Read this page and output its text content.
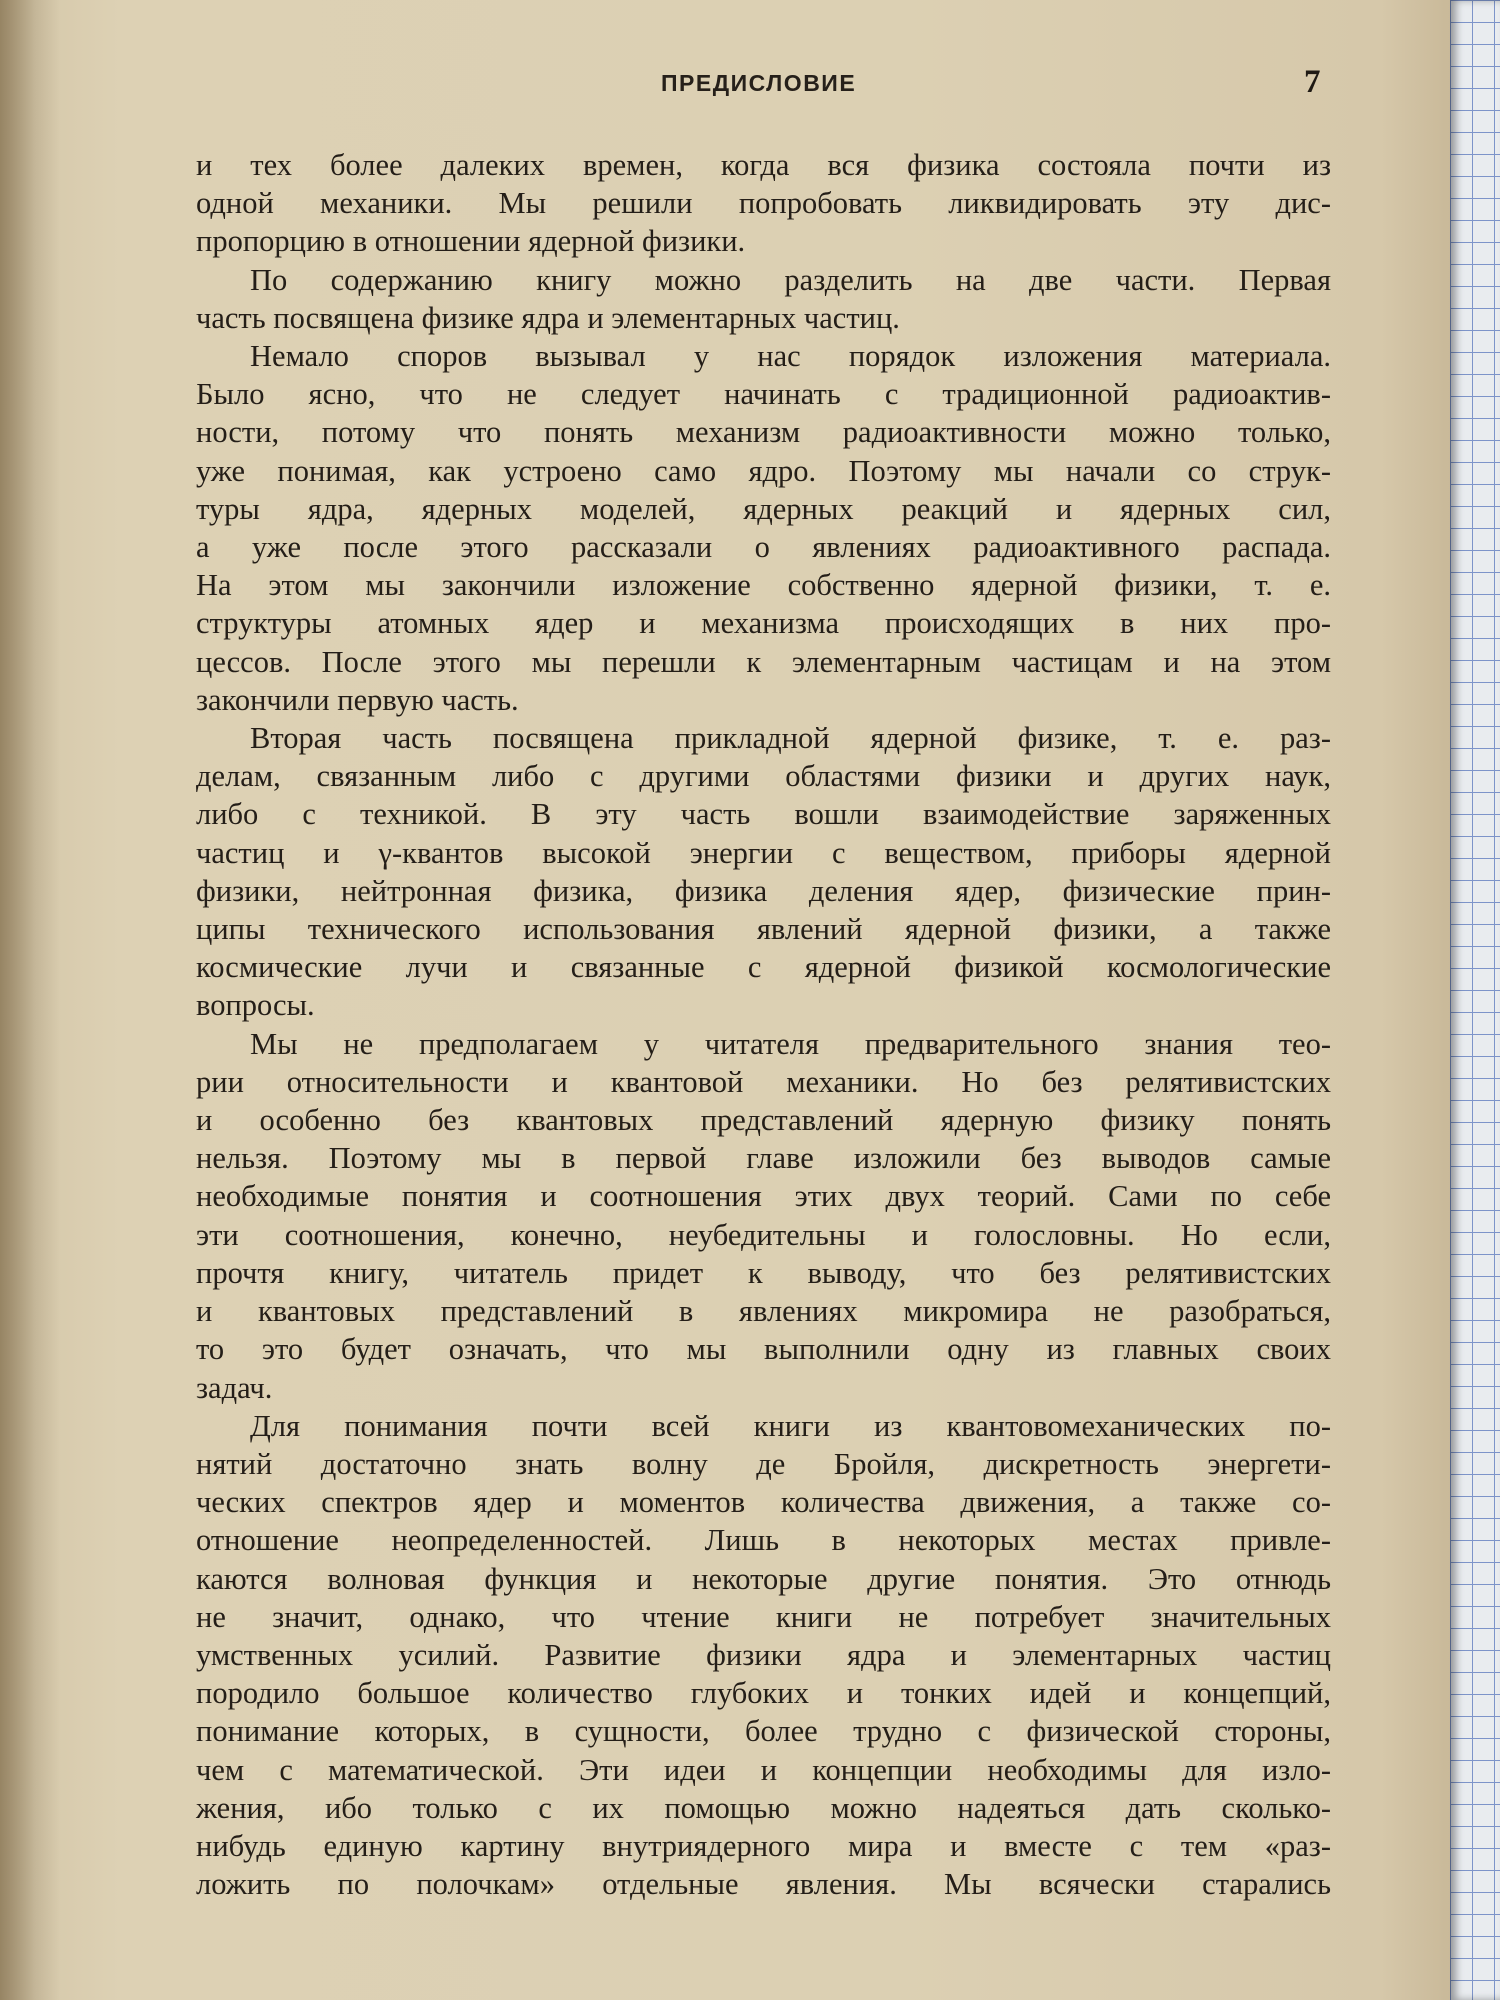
ПРЕДИСЛОВИЕ	7

и тех более далеких времен, когда вся физика состояла почти из
одной механики. Мы решили попробовать ликвидировать эту дис-
пропорцию в отношении ядерной физики.

По содержанию книгу можно разделить на две части. Первая
часть посвящена физике ядра и элементарных частиц.

Немало споров вызывал у нас порядок изложения материала.
Было ясно, что не следует начинать с традиционной радиоактив-
ности, потому что понять механизм радиоактивности можно только,
уже понимая, как устроено само ядро. Поэтому мы начали со струк-
туры ядра, ядерных моделей, ядерных реакций и ядерных сил,
а уже после этого рассказали о явлениях радиоактивного распада.
На этом мы закончили изложение собственно ядерной физики, т. е.
структуры атомных ядер и механизма происходящих в них про-
цессов. После этого мы перешли к элементарным частицам и на этом
закончили первую часть.

Вторая часть посвящена прикладной ядерной физике, т. е. раз-
делам, связанным либо с другими областями физики и других наук,
либо с техникой. В эту часть вошли взаимодействие заряженных
частиц и γ-квантов высокой энергии с веществом, приборы ядерной
физики, нейтронная физика, физика деления ядер, физические прин-
ципы технического использования явлений ядерной физики, а также
космические лучи и связанные с ядерной физикой космологические
вопросы.

Мы не предполагаем у читателя предварительного знания тео-
рии относительности и квантовой механики. Но без релятивистских
и особенно без квантовых представлений ядерную физику понять
нельзя. Поэтому мы в первой главе изложили без выводов самые
необходимые понятия и соотношения этих двух теорий. Сами по себе
эти соотношения, конечно, неубедительны и голословны. Но если,
прочтя книгу, читатель придет к выводу, что без релятивистских
и квантовых представлений в явлениях микромира не разобраться,
то это будет означать, что мы выполнили одну из главных своих
задач.

Для понимания почти всей книги из квантовомеханических по-
нятий достаточно знать волну де Бройля, дискретность энергети-
ческих спектров ядер и моментов количества движения, а также со-
отношение неопределенностей. Лишь в некоторых местах привле-
каются волновая функция и некоторые другие понятия. Это отнюдь
не значит, однако, что чтение книги не потребует значительных
умственных усилий. Развитие физики ядра и элементарных частиц
породило большое количество глубоких и тонких идей и концепций,
понимание которых, в сущности, более трудно с физической стороны,
чем с математической. Эти идеи и концепции необходимы для изло-
жения, ибо только с их помощью можно надеяться дать сколько-
нибудь единую картину внутриядерного мира и вместе с тем «раз-
ложить по полочкам» отдельные явления. Мы всячески старались
